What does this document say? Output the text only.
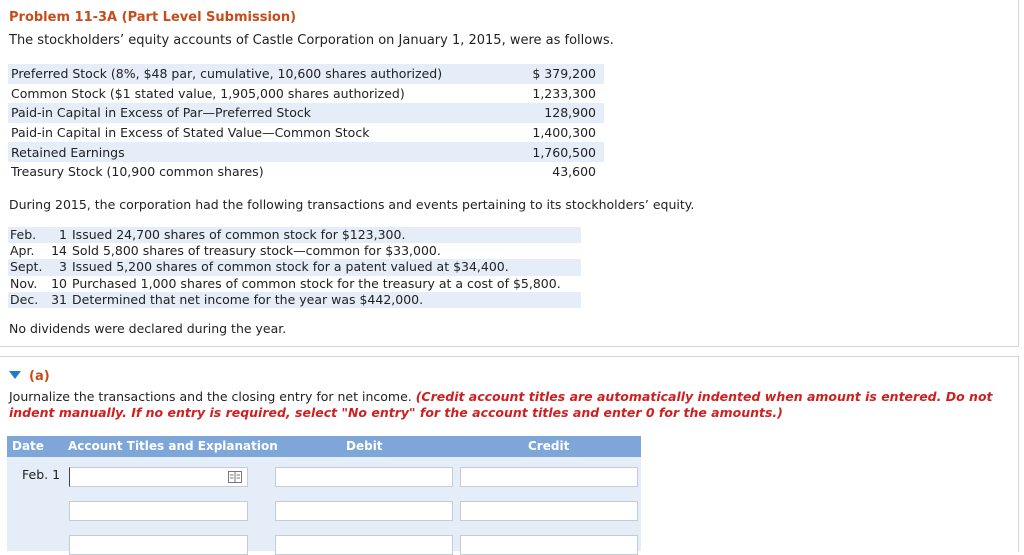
Problem 11-3A (Part Level Submission)
The stockholders’ equity accounts of Castle Corporation on January 1, 2015, were as follows.
Preferred Stock (8%, $48 par, cumulative, 10,600 shares authorized)	$ 379,200
Common Stock ($1 stated value, 1,905,000 shares authorized)	1,233,300
Paid-in Capital in Excess of Par—Preferred Stock	128,900
Paid-in Capital in Excess of Stated Value—Common Stock	1,400,300
Retained Earnings	1,760,500
Treasury Stock (10,900 common shares)	43,600
During 2015, the corporation had the following transactions and events pertaining to its stockholders’ equity.
Feb.	1	Issued 24,700 shares of common stock for $123,300.
Apr.	14	Sold 5,800 shares of treasury stock—common for $33,000.
Sept.	3	Issued 5,200 shares of common stock for a patent valued at $34,400.
Nov.	10	Purchased 1,000 shares of common stock for the treasury at a cost of $5,800.
Dec.	31	Determined that net income for the year was $442,000.
No dividends were declared during the year.
(a)
Journalize the transactions and the closing entry for net income. (Credit account titles are automatically indented when amount is entered. Do not indent manually. If no entry is required, select "No entry" for the account titles and enter 0 for the amounts.)
Date Account Titles and Explanation	Debit	Credit
Feb. 1
